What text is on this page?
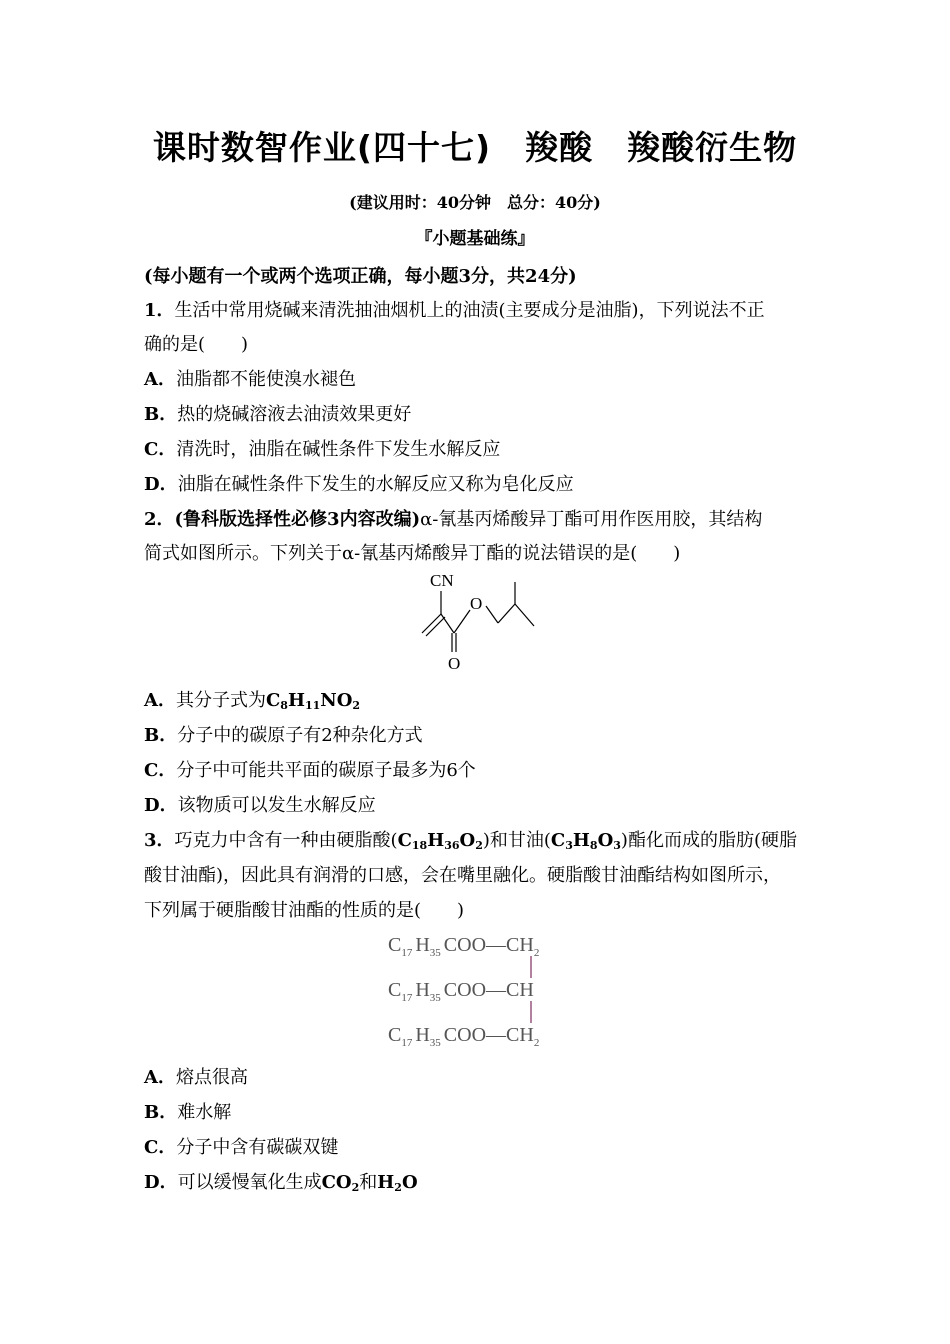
课时数智作业(四十七)　羧酸　羧酸衍生物
(建议用时：40分钟　总分：40分)
『小题基础练』
(每小题有一个或两个选项正确，每小题3分，共24分)
1．生活中常用烧碱来清洗抽油烟机上的油渍(主要成分是油脂)，下列说法不正
确的是(　　)
A．油脂都不能使溴水褪色
B．热的烧碱溶液去油渍效果更好
C．清洗时，油脂在碱性条件下发生水解反应
D．油脂在碱性条件下发生的水解反应又称为皂化反应
2．(鲁科版选择性必修3内容改编)α-氰基丙烯酸异丁酯可用作医用胶，其结构
简式如图所示。下列关于α-氰基丙烯酸异丁酯的说法错误的是(　　)
CN
O
O
A．其分子式为$C_8H_{11}NO_2$
B．分子中的碳原子有2种杂化方式
C．分子中可能共平面的碳原子最多为6个
D．该物质可以发生水解反应
3．巧克力中含有一种由硬脂酸$(C_{18}H_{36}O_2)$和甘油$(C_3H_8O_3)$酯化而成的脂肪(硬脂
酸甘油酯)，因此具有润滑的口感，会在嘴里融化。硬脂酸甘油酯结构如图所示，
下列属于硬脂酸甘油酯的性质的是(　　)
$C_{17}$ $H_{35}$ $COO—CH_2$
$C_{17}$ $H_{35}$ COO—CH
$C_{17}$ $H_{35}$ $COO—CH_2$
A．熔点很高
B．难水解
C．分子中含有碳碳双键
D．可以缓慢氧化生成$CO_2$和$H_2O$
